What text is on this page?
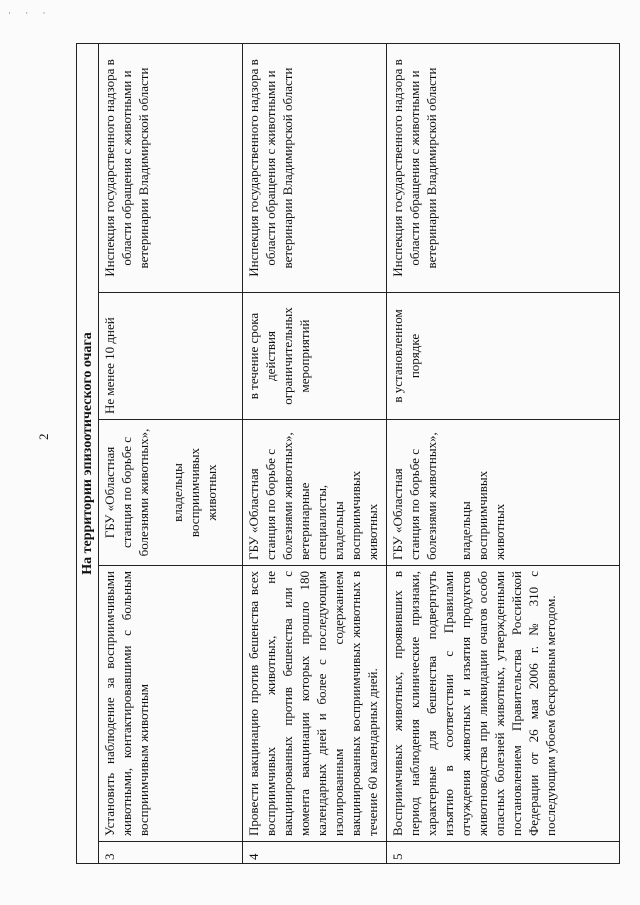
· · ·
2 На территории эпизоотического очага				
3	Установить наблюдение за восприимчивыми животными, контактировавшими с больным восприимчивым животным	ГБУ «Областная станция по борьбе с болезнями животных», владельцы восприимчивых животных	Не менее 10 дней	Инспекция государственного надзора в области обращения с животными и ветеринарии Владимирской области
4	Провести вакцинацию против бешенства всех восприимчивых животных, не вакцинированных против бешенства или с момента вакцинации которых прошло 180 календарных дней и более с последующим изолированным содержанием вакцинированных восприимчивых животных в течение 60 календарных дней.	ГБУ «Областная станция по борьбе с болезнями животных», ветеринарные специалисты, владельцы восприимчивых животных	в течение срока действия ограничительных мероприятий	Инспекция государственного надзора в области обращения с животными и ветеринарии Владимирской области
5	Восприимчивых животных, проявивших в период наблюдения клинические признаки, характерные для бешенства подвергнуть изъятию в соответствии с Правилами отчуждения животных и изъятия продуктов животноводства при ликвидации очагов особо опасных болезней животных, утвержденными постановлением Правительства Российской Федерации от 26 мая 2006 г. № 310 с последующим убоем бескровным методом.	ГБУ «Областная станция по борьбе с болезнями животных», владельцы восприимчивых животных	в установленном порядке	Инспекция государственного надзора в области обращения с животными и ветеринарии Владимирской области
